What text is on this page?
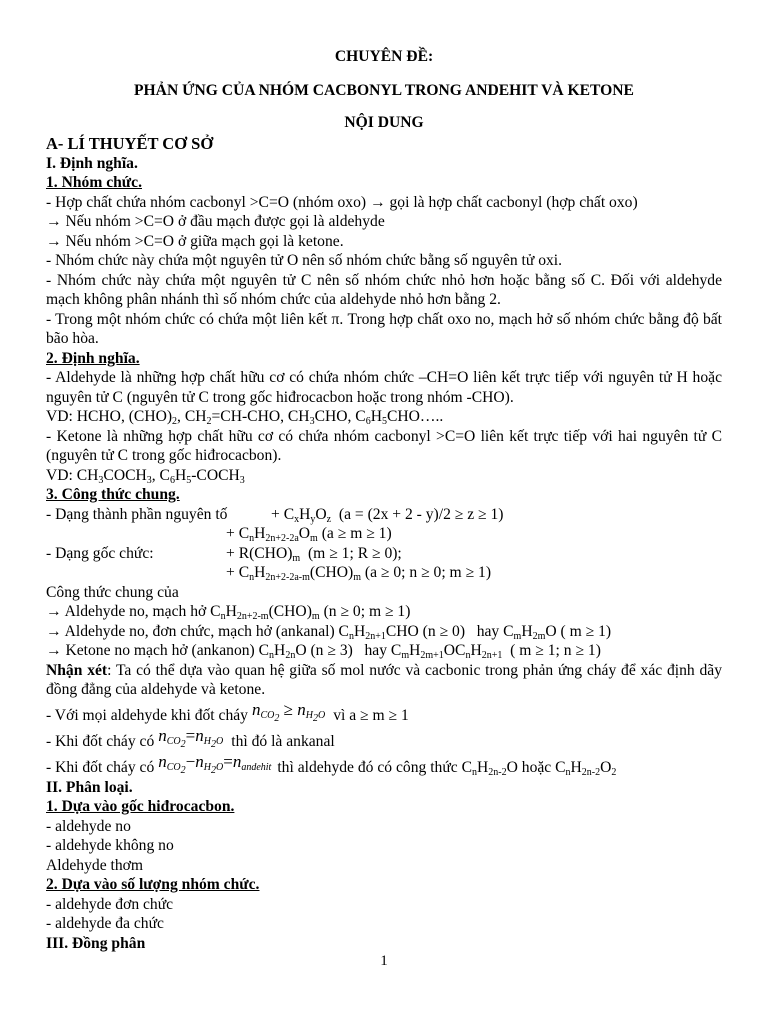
CHUYÊN ĐỀ:
PHẢN ỨNG CỦA NHÓM CACBONYL TRONG ANDEHIT VÀ KETONE
NỘI DUNG
A- LÍ THUYẾT CƠ SỞ
I. Định nghĩa.
1. Nhóm chức.
- Hợp chất chứa nhóm cacbonyl >C=O (nhóm oxo) → gọi là hợp chất cacbonyl (hợp chất oxo)
→ Nếu nhóm >C=O ở đầu mạch được gọi là aldehyde
→ Nếu nhóm >C=O ở giữa mạch gọi là ketone.
- Nhóm chức này chứa một nguyên tử O nên số nhóm chức bằng số nguyên tử oxi.
- Nhóm chức này chứa một nguyên tử C nên số nhóm chức nhỏ hơn hoặc bằng số C. Đối với aldehyde mạch không phân nhánh thì số nhóm chức của aldehyde nhỏ hơn bằng 2.
- Trong một nhóm chức có chứa một liên kết π. Trong hợp chất oxo no, mạch hở số nhóm chức bằng độ bất bão hòa.
2. Định nghĩa.
- Aldehyde là những hợp chất hữu cơ có chứa nhóm chức –CH=O liên kết trực tiếp với nguyên tử H hoặc nguyên tử C (nguyên tử C trong gốc hiđrocacbon hoặc trong nhóm -CHO).
VD: HCHO, $(CHO)_2$, $CH_2=CH$-CHO, $CH_3CHO$, $C_6H_5CHO\dots$..
- Ketone là những hợp chất hữu cơ có chứa nhóm cacbonyl >C=O liên kết trực tiếp với hai nguyên tử C (nguyên tử C trong gốc hiđrocacbon).
VD: $CH_3COCH_3$, $C_6H_5-COCH_3$
3. Công thức chung.
- Dạng thành phần nguyên tố	+ $C_xH_yO_z$  (a = (2x + 2 - y)/2 ≥ z ≥ 1)
+ $C_nH_{2n+2-2a}O_m$ (a ≥ m ≥ 1)
- Dạng gốc chức:	+ $R(CHO)_m$  (m ≥ 1; R ≥ 0);
+ $C_nH_{2n+2-2a-m}(CHO)_m$ (a ≥ 0; n ≥ 0; m ≥ 1)
Công thức chung của
→ Aldehyde no, mạch hở $C_nH_{2n+2-m}(CHO)_m$ (n ≥ 0; m ≥ 1)
→ Aldehyde no, đơn chức, mạch hở (ankanal) $C_nH_{2n+1}CHO$ (n ≥ 0)   hay $C_mH_{2m}O$ ( m ≥ 1)
→ Ketone no mạch hở (ankanon) $C_nH_{2n}O$ (n ≥ 3)   hay $C_mH_{2m+1}OC_nH_{2n+1}$  ( m ≥ 1; n ≥ 1)
Nhận xét: Ta có thể dựa vào quan hệ giữa số mol nước và cacbonic trong phản ứng cháy để xác định dãy đồng đẳng của aldehyde và ketone.
- Với mọi aldehyde khi đốt cháy $n_{CO_2} \ge n_{H_2O}$ vì a ≥ m ≥ 1
- Khi đốt cháy có $n_{CO_2}=n_{H_2O}$ thì đó là ankanal
- Khi đốt cháy có $n_{CO_2}-n_{H_2O}=n_{andehit}$ thì aldehyde đó có công thức $C_nH_{2n-2}O$ hoặc $C_nH_{2n-2}O_2$
II. Phân loại.
1. Dựa vào gốc hiđrocacbon.
- aldehyde no
- aldehyde không no
Aldehyde thơm
2. Dựa vào số lượng nhóm chức.
- aldehyde đơn chức
- aldehyde đa chức
III. Đồng phân
1
